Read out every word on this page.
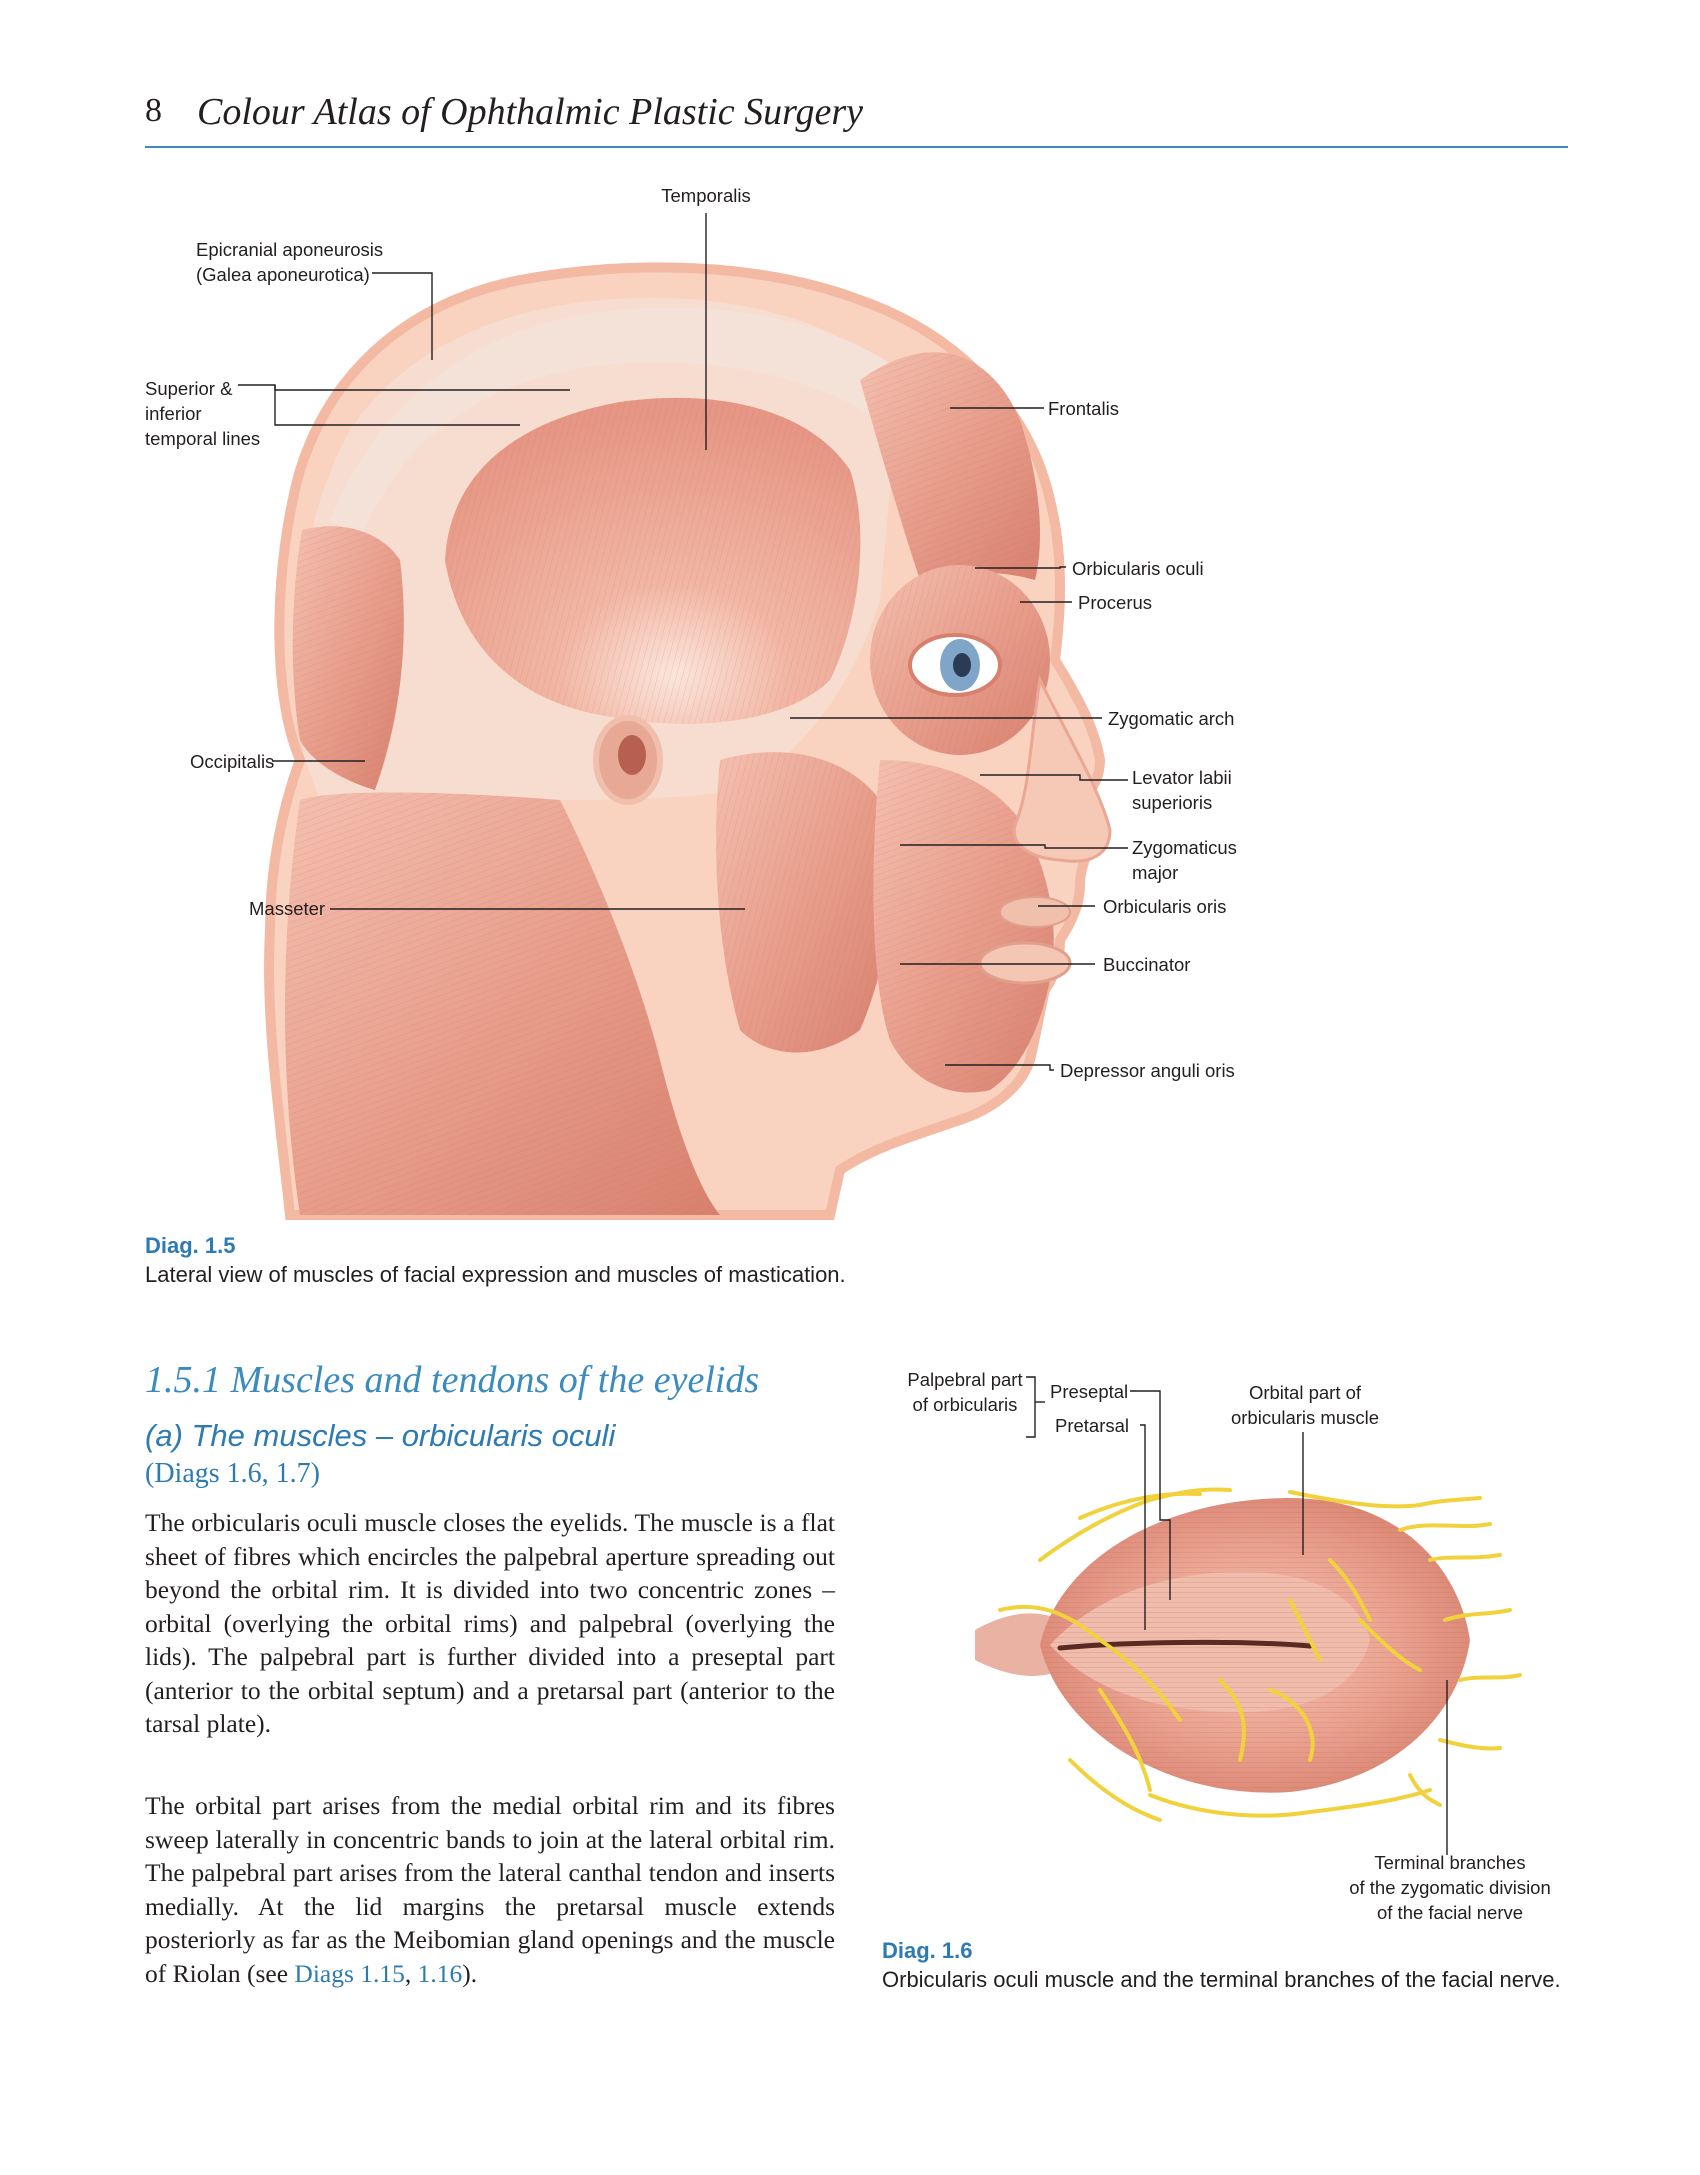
8 Colour Atlas of Ophthalmic Plastic Surgery
Temporalis
Epicranial aponeurosis
(Galea aponeurotica)
Superior &
inferior
temporal lines
Frontalis
Orbicularis oculi
Procerus
Zygomatic arch
Occipitalis
Levator labii
superioris
Zygomaticus
major
Masseter	Orbicularis oris
Buccinator
Depressor anguli oris
Diag. 1.5
Lateral view of muscles of facial expression and muscles of mastication.
1.5.1 Muscles and tendons of the eyelids
(a) The muscles – orbicularis oculi
(Diags 1.6, 1.7)
The orbicularis oculi muscle closes the eyelids. The muscle is a flat sheet of fibres which encircles the palpebral aperture spreading out beyond the orbital rim. It is divided into two concentric zones – orbital (overlying the orbital rims) and palpebral (overlying the lids). The palpebral part is further divided into a preseptal part (anterior to the orbital septum) and a pretarsal part (anterior to the tarsal plate).
The orbital part arises from the medial orbital rim and its fibres sweep laterally in concentric bands to join at the lateral orbital rim. The palpebral part arises from the lateral canthal tendon and inserts medially. At the lid margins the pretarsal muscle extends posteriorly as far as the Meibomian gland openings and the muscle of Riolan (see Diags 1.15, 1.16).
Palpebral part
of orbicularis
Preseptal
Pretarsal
Orbital part of
orbicularis muscle
Terminal branches
of the zygomatic division
of the facial nerve
Diag. 1.6
Orbicularis oculi muscle and the terminal branches of the facial nerve.
